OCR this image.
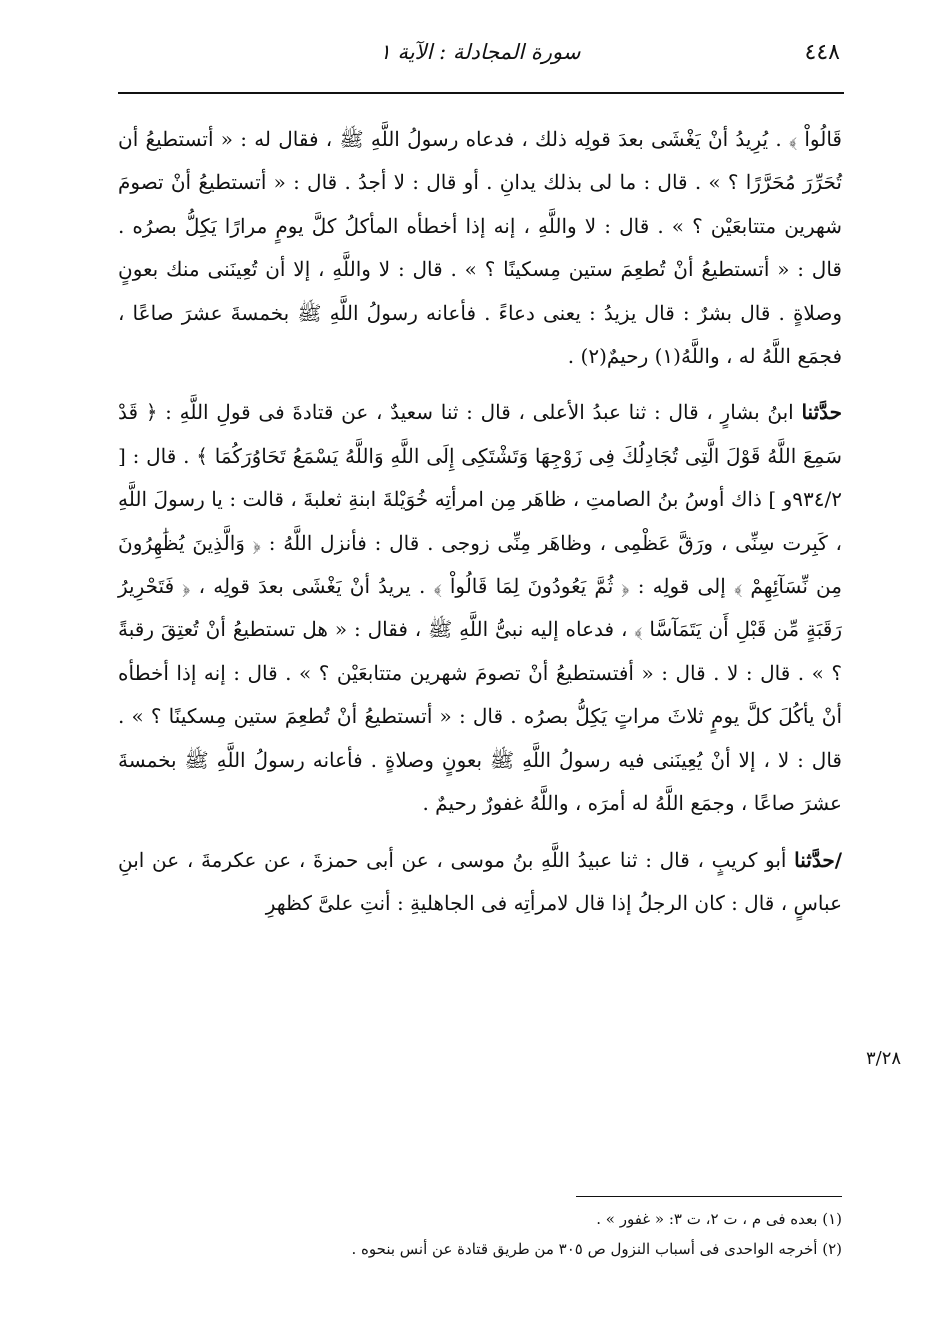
٤٤٨
سورة المجادلة : الآية ١

قَالُواْ ﴾ . يُرِيدُ أنْ يَغْشَى بعدَ قولِه ذلك ، فدعاه رسولُ اللَّهِ ﷺ ، فقال له : « أتستطيعُ أن تُحَرِّرَ مُحَرَّرًا ؟ » . قال : ما لى بذلك يدانِ . أو قال : لا أجدُ . قال : « أتستطيعُ أنْ تصومَ شهرين متتابعَيْن ؟ » . قال : لا واللَّهِ ، إنه إذا أخطأه المأكلُ كلَّ يومٍ مرارًا يَكِلُّ بصرُه . قال : « أتستطيعُ أنْ تُطعِمَ ستين مِسكينًا ؟ » . قال : لا واللَّهِ ، إلا أن تُعِينَنى منك بعونٍ وصلاةٍ . قال بشرٌ : قال يزيدُ : يعنى دعاءً . فأعانه رسولُ اللَّهِ ﷺ بخمسةَ عشرَ صاعًا ، فجمَع اللَّهُ له ، واللَّهُ(١) رحيمٌ(٢) .

حدَّثنا ابنُ بشارٍ ، قال : ثنا عبدُ الأعلى ، قال : ثنا سعيدٌ ، عن قتادةَ فى قولِ اللَّهِ : ﴿ قَدْ سَمِعَ اللَّهُ قَوْلَ الَّتِى تُجَادِلُكَ فِى زَوْجِهَا وَتَشْتَكِى إِلَى اللَّهِ وَاللَّهُ يَسْمَعُ تَحَاوُرَكُمَا ﴾ . قال : [ ٩٣٤/٢و ] ذاك أوسُ بنُ الصامتِ ، ظاهَر مِن امرأتِه خُوَيْلةَ ابنةِ ثعلبةَ ، قالت : يا رسولَ اللَّهِ ، كَبِرت سِنِّى ، ورَقَّ عَظْمِى ، وظاهَر مِنِّى زوجى . قال : فأنزل اللَّهُ : ﴿ وَالَّذِينَ يُظَٰهِرُونَ مِن نِّسَآئِهِمْ ﴾ إلى قولِه : ﴿ ثُمَّ يَعُودُونَ لِمَا قَالُواْ ﴾ . يريدُ أنْ يَغْشَى بعدَ قولِه ، ﴿ فَتَحْرِيرُ رَقَبَةٍ مِّن قَبْلِ أَن يَتَمَآسَّا ﴾ ، فدعاه إليه نبىُّ اللَّهِ ﷺ ، فقال : « هل تستطيعُ أنْ تُعتِقَ رقبةً ؟ » . قال : لا . قال : « أفتستطيعُ أنْ تصومَ شهرين متتابعَيْن ؟ » . قال : إنه إذا أخطأه أنْ يأكُلَ كلَّ يومٍ ثلاثَ مراتٍ يَكِلُّ بصرُه . قال : « أتستطيعُ أنْ تُطعِمَ ستين مِسكينًا ؟ » . قال : لا ، إلا أنْ يُعِينَنى فيه رسولُ اللَّهِ ﷺ بعونٍ وصلاةٍ . فأعانه رسولُ اللَّهِ ﷺ بخمسةَ عشرَ صاعًا ، وجمَع اللَّهُ له أمرَه ، واللَّهُ غفورٌ رحيمٌ .

/حدَّثنا أبو كريبٍ ، قال : ثنا عبيدُ اللَّهِ بنُ موسى ، عن أبى حمزةَ ، عن عكرمةَ ، عن ابنِ عباسٍ ، قال : كان الرجلُ إذا قال لامرأتِه فى الجاهليةِ : أنتِ علىَّ كظهرِ

٣/٢٨

(١) بعده فى م ، ت ٢، ت ٣: « غفور » .

(٢) أخرجه الواحدى فى أسباب النزول ص ٣٠٥ من طريق قتادة عن أنس بنحوه .
